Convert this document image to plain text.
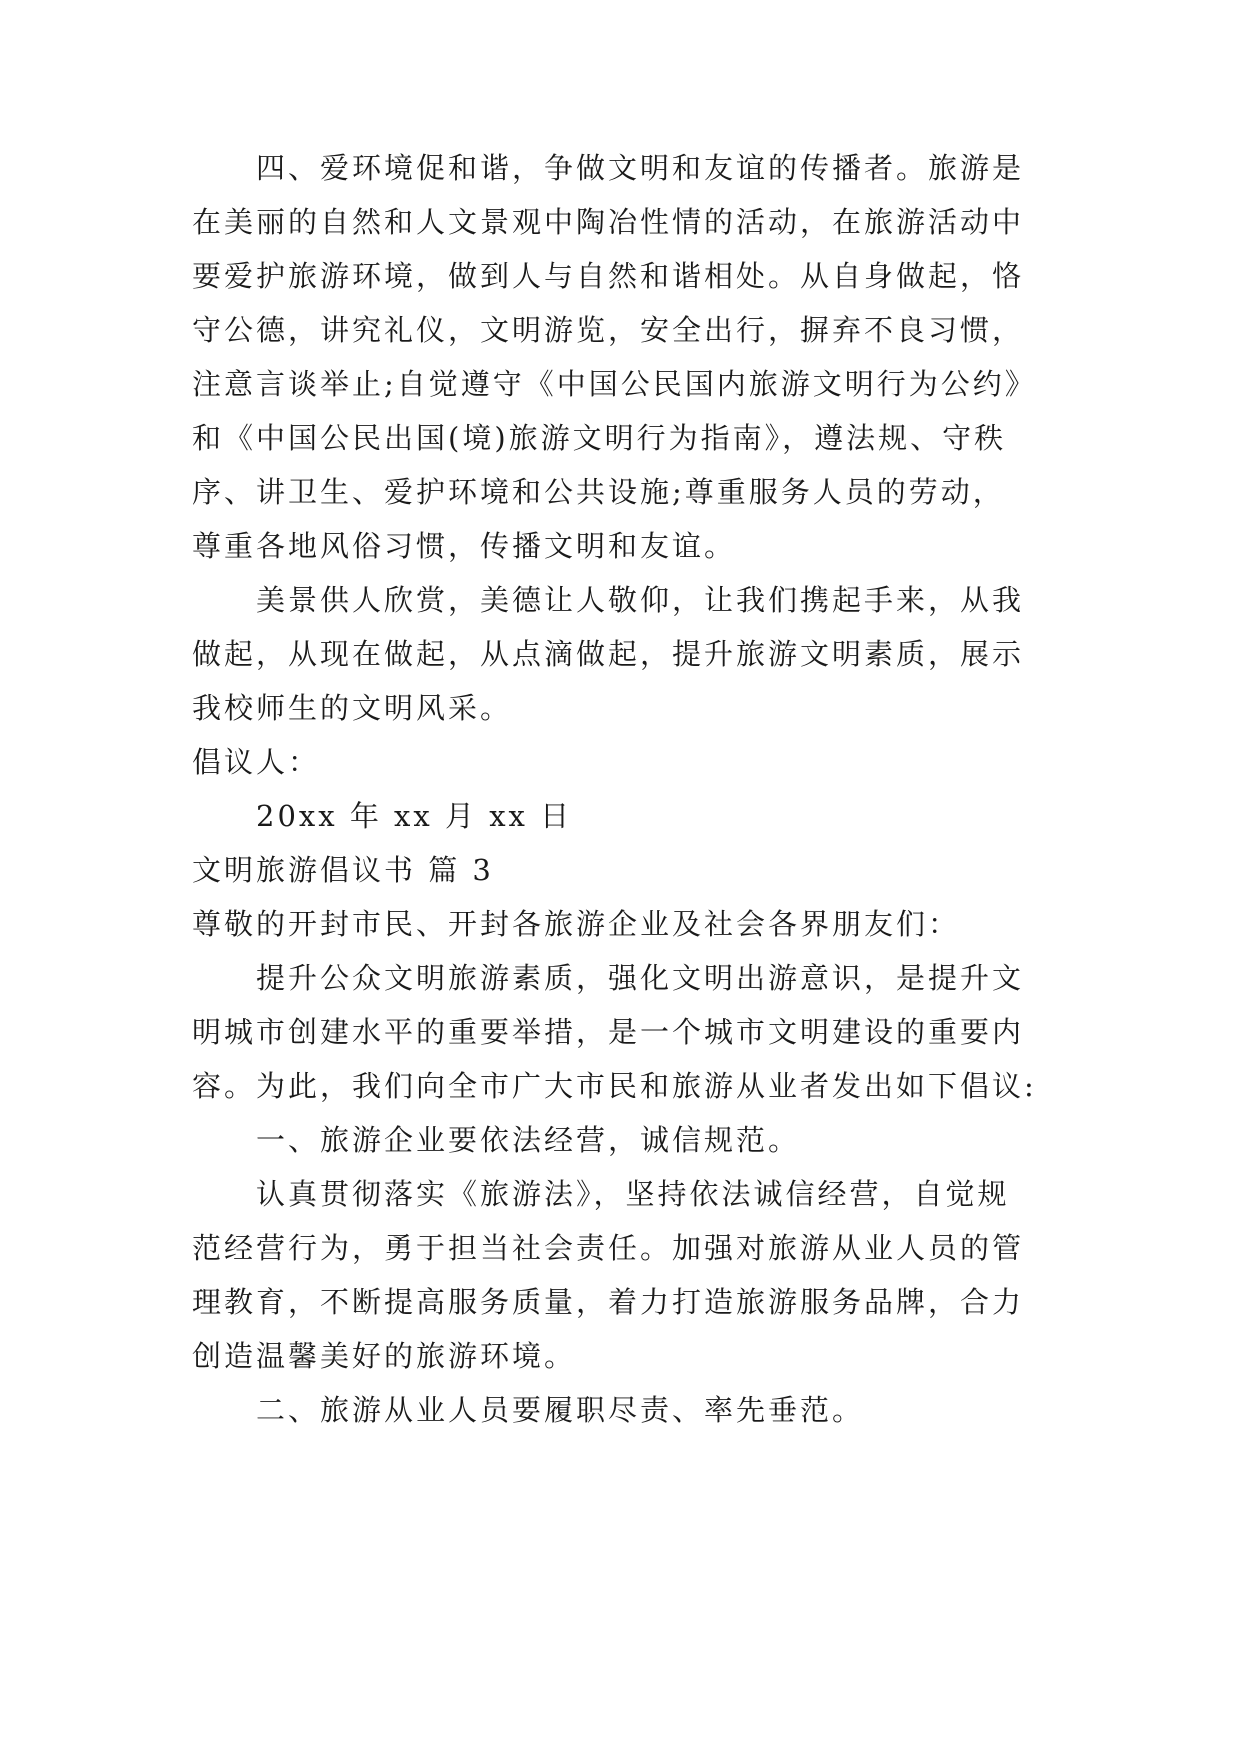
四、爱环境促和谐，争做文明和友谊的传播者。旅游是
在美丽的自然和人文景观中陶冶性情的活动，在旅游活动中
要爱护旅游环境，做到人与自然和谐相处。从自身做起，恪
守公德，讲究礼仪，文明游览，安全出行，摒弃不良习惯，
注意言谈举止;自觉遵守《中国公民国内旅游文明行为公约》
和《中国公民出国(境)旅游文明行为指南》，遵法规、守秩
序、讲卫生、爱护环境和公共设施;尊重服务人员的劳动，
尊重各地风俗习惯，传播文明和友谊。
美景供人欣赏，美德让人敬仰，让我们携起手来，从我
做起，从现在做起，从点滴做起，提升旅游文明素质，展示
我校师生的文明风采。
倡议人：
20xx 年 xx 月 xx 日
文明旅游倡议书 篇 3
尊敬的开封市民、开封各旅游企业及社会各界朋友们：
提升公众文明旅游素质，强化文明出游意识，是提升文
明城市创建水平的重要举措，是一个城市文明建设的重要内
容。为此，我们向全市广大市民和旅游从业者发出如下倡议:
一、旅游企业要依法经营，诚信规范。
认真贯彻落实《旅游法》，坚持依法诚信经营，自觉规
范经营行为，勇于担当社会责任。加强对旅游从业人员的管
理教育，不断提高服务质量，着力打造旅游服务品牌，合力
创造温馨美好的旅游环境。
二、旅游从业人员要履职尽责、率先垂范。
